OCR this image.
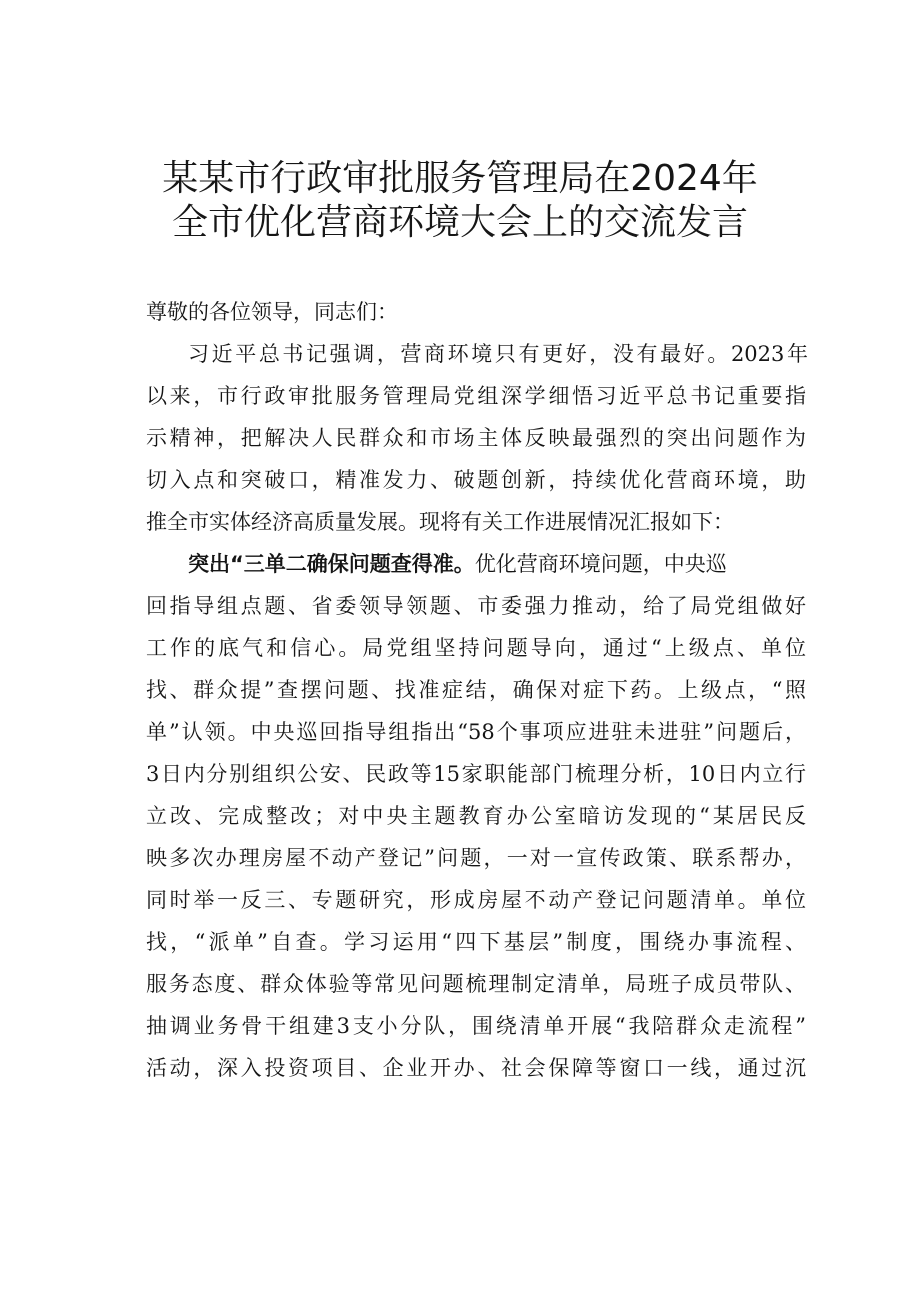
某某市行政审批服务管理局在2024年
全市优化营商环境大会上的交流发言
尊敬的各位领导，同志们：
习近平总书记强调，营商环境只有更好，没有最好。2023年
以来，市行政审批服务管理局党组深学细悟习近平总书记重要指
示精神，把解决人民群众和市场主体反映最强烈的突出问题作为
切入点和突破口，精准发力、破题创新，持续优化营商环境，助
推全市实体经济高质量发展。现将有关工作进展情况汇报如下：
突出“三单二确保问题查得准。优化营商环境问题，中央巡
回指导组点题、省委领导领题、市委强力推动，给了局党组做好
工作的底气和信心。局党组坚持问题导向，通过“上级点、单位
找、群众提”查摆问题、找准症结，确保对症下药。上级点，“照
单”认领。中央巡回指导组指出“58个事项应进驻未进驻”问题后，
3日内分别组织公安、民政等15家职能部门梳理分析，10日内立行
立改、完成整改；对中央主题教育办公室暗访发现的“某居民反
映多次办理房屋不动产登记”问题，一对一宣传政策、联系帮办，
同时举一反三、专题研究，形成房屋不动产登记问题清单。单位
找，“派单”自查。学习运用“四下基层”制度，围绕办事流程、
服务态度、群众体验等常见问题梳理制定清单，局班子成员带队、
抽调业务骨干组建3支小分队，围绕清单开展“我陪群众走流程”
活动，深入投资项目、企业开办、社会保障等窗口一线，通过沉
